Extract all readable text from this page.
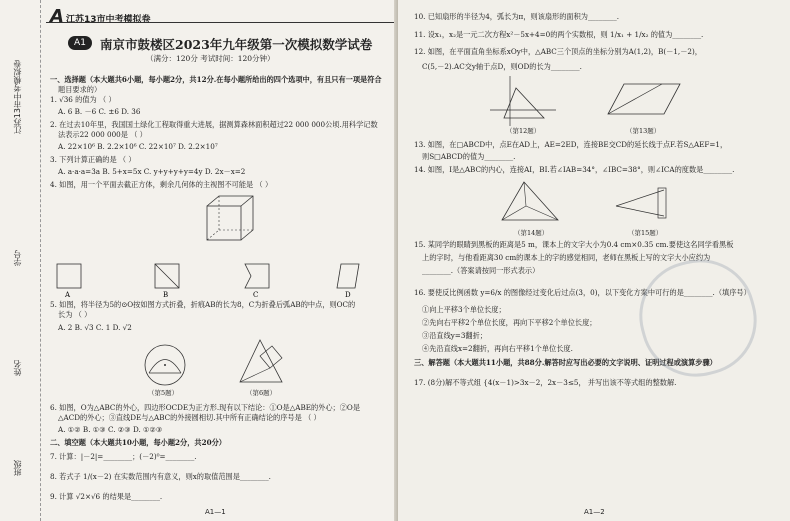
江苏13市中考模拟卷
学号
姓名
班级
A江苏13市中考模拟卷
A1	南京市鼓楼区2023年九年级第一次模拟数学试卷
（满分：120分 考试时间：120分钟）
一、选择题（本大题共6小题，每小题2分，共12分.在每小题所给出的四个选项中，有且只有一项是符合
题目要求的）
1. √36 的值为 （ ）
A. 6 B. －6 C. ±6 D. 36
2. 在过去10年里，我国国土绿化工程取得重大进展，据测算森林面积超过22 000 000公顷.用科学记数
法表示22 000 000是 （ ）
A. 22×10⁶ B. 2.2×10⁶ C. 22×10⁷ D. 2.2×10⁷
3. 下列计算正确的是 （ ）
A. a·a·a=3a B. 5+x=5x C. y+y+y+y=4y D. 2x－x=2
4. 如图，用一个平面去截正方体，剩余几何体的主视图不可能是 （ ）
5. 如图，将半径为5的⊙O按如图方式折叠，折痕AB的长为8，C为折叠后弧AB的中点，则OC的
长为 （ ）
A. 2 B. √3 C. 1 D. √2
6. 如图，O为△ABC的外心，四边形OCDE为正方形.现有以下结论：①O是△ABE的外心；②O是
△ACD的外心；③直线DE与△ABC的外接圆相切.其中所有正确结论的序号是 （ ）
A. ①② B. ①③ C. ②③ D. ①②③
二、填空题（本大题共10小题，每小题2分，共20分）
7. 计算：|－2|=________；(－2)⁰=________.
8. 若式子 1/(x－2) 在实数范围内有意义，则x的取值范围是________.
9. 计算 √2×√6 的结果是________.
A	B	C	D
（第5题）	（第6题）
A1—1
10. 已知扇形的半径为4，弧长为π，则该扇形的面积为________.
11. 设x₁，x₂是一元二次方程x²－5x+4=0的两个实数根，则 1/x₁ + 1/x₂ 的值为________.
12. 如图，在平面直角坐标系xOy中，△ABC三个顶点的坐标分别为A(1,2)，B(－1,－2)，
C(5,－2).AC交y轴于点D，则OD的长为________.
13. 如图，在□ABCD中，点E在AD上，AE=2ED，连接BE交CD的延长线于点F.若S△AEF=1，
则S□ABCD的值为________.
14. 如图，I是△ABC的内心，连接AI，BI.若∠IAB=34°，∠IBC=38°，则∠ICA的度数是________.
15. 某同学的眼睛到黑板的距离是5 m，课本上的文字大小为0.4 cm×0.35 cm.要使这名同学看黑板
上的字时，与他看距离30 cm的课本上的字的感觉相同，老师在黑板上写的文字大小应约为
________.（答案请按同一形式表示）
16. 要使反比例函数 y=6/x 的图像经过变化后过点(3，0)，以下变化方案中可行的是________.（填序号）
①向上平移3个单位长度；
②先向右平移2个单位长度，再向下平移2个单位长度；
③沿直线y=3翻折；
④先沿直线x=2翻折，再向右平移1个单位长度.
三、解答题（本大题共11小题，共88分.解答时应写出必要的文字说明、证明过程或演算步骤）
17. (8分)解不等式组 {4(x－1)>3x－2，2x－3≤5， 并写出该不等式组的整数解.
A1—2
（第12题）	（第13题）
（第14题）	（第15题）
